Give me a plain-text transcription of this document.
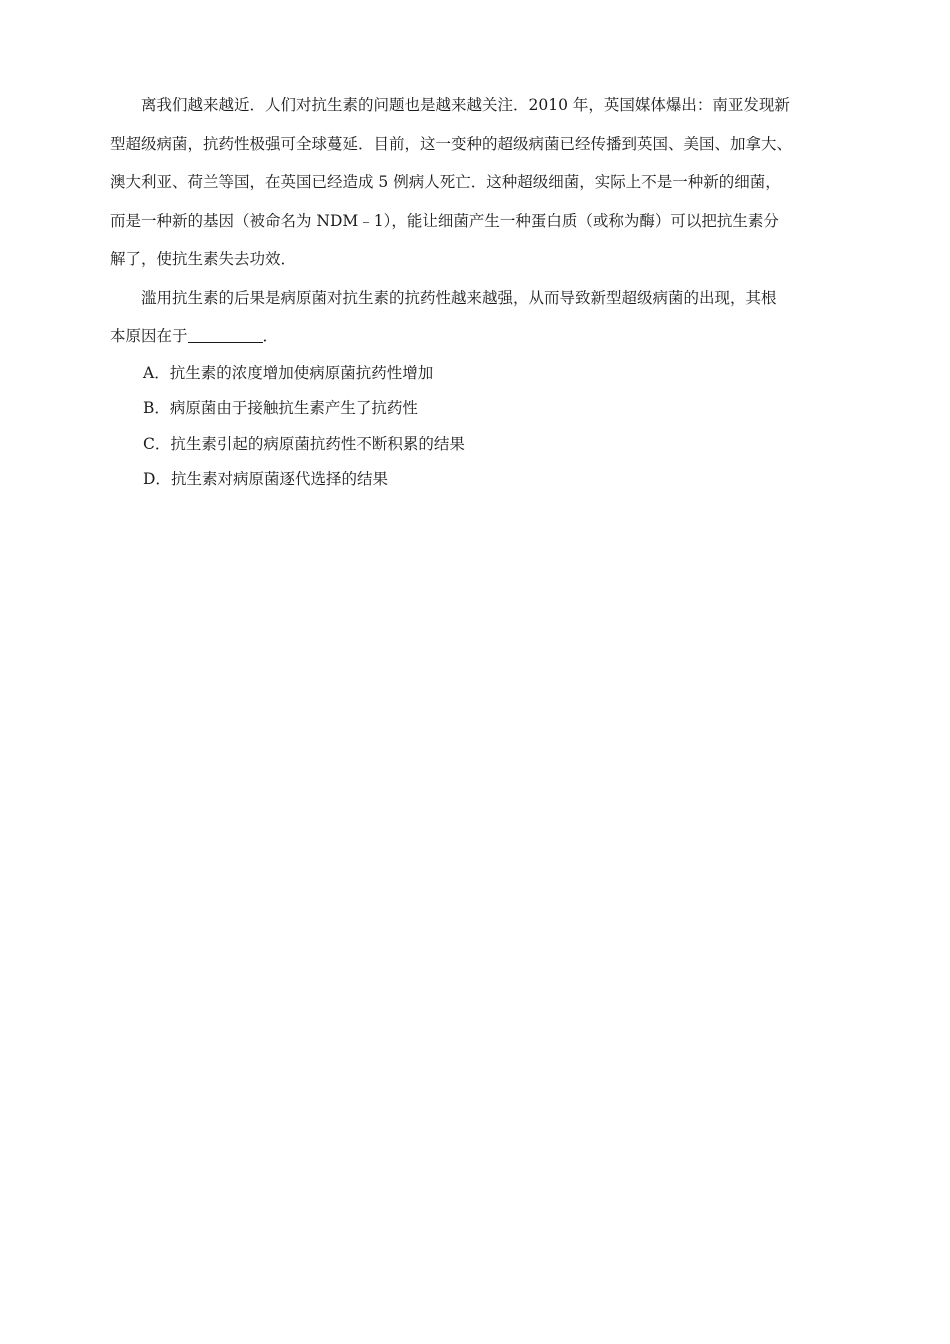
离我们越来越近．人们对抗生素的问题也是越来越关注．2010 年，英国媒体爆出：南亚发现新
型超级病菌，抗药性极强可全球蔓延．目前，这一变种的超级病菌已经传播到英国、美国、加拿大、
澳大利亚、荷兰等国，在英国已经造成 5 例病人死亡．这种超级细菌，实际上不是一种新的细菌，
而是一种新的基因（被命名为 NDM﹣1），能让细菌产生一种蛋白质（或称为酶）可以把抗生素分
解了，使抗生素失去功效．
滥用抗生素的后果是病原菌对抗生素的抗药性越来越强，从而导致新型超级病菌的出现，其根
本原因在于	．
A．抗生素的浓度增加使病原菌抗药性增加
B．病原菌由于接触抗生素产生了抗药性
C．抗生素引起的病原菌抗药性不断积累的结果
D．抗生素对病原菌逐代选择的结果
